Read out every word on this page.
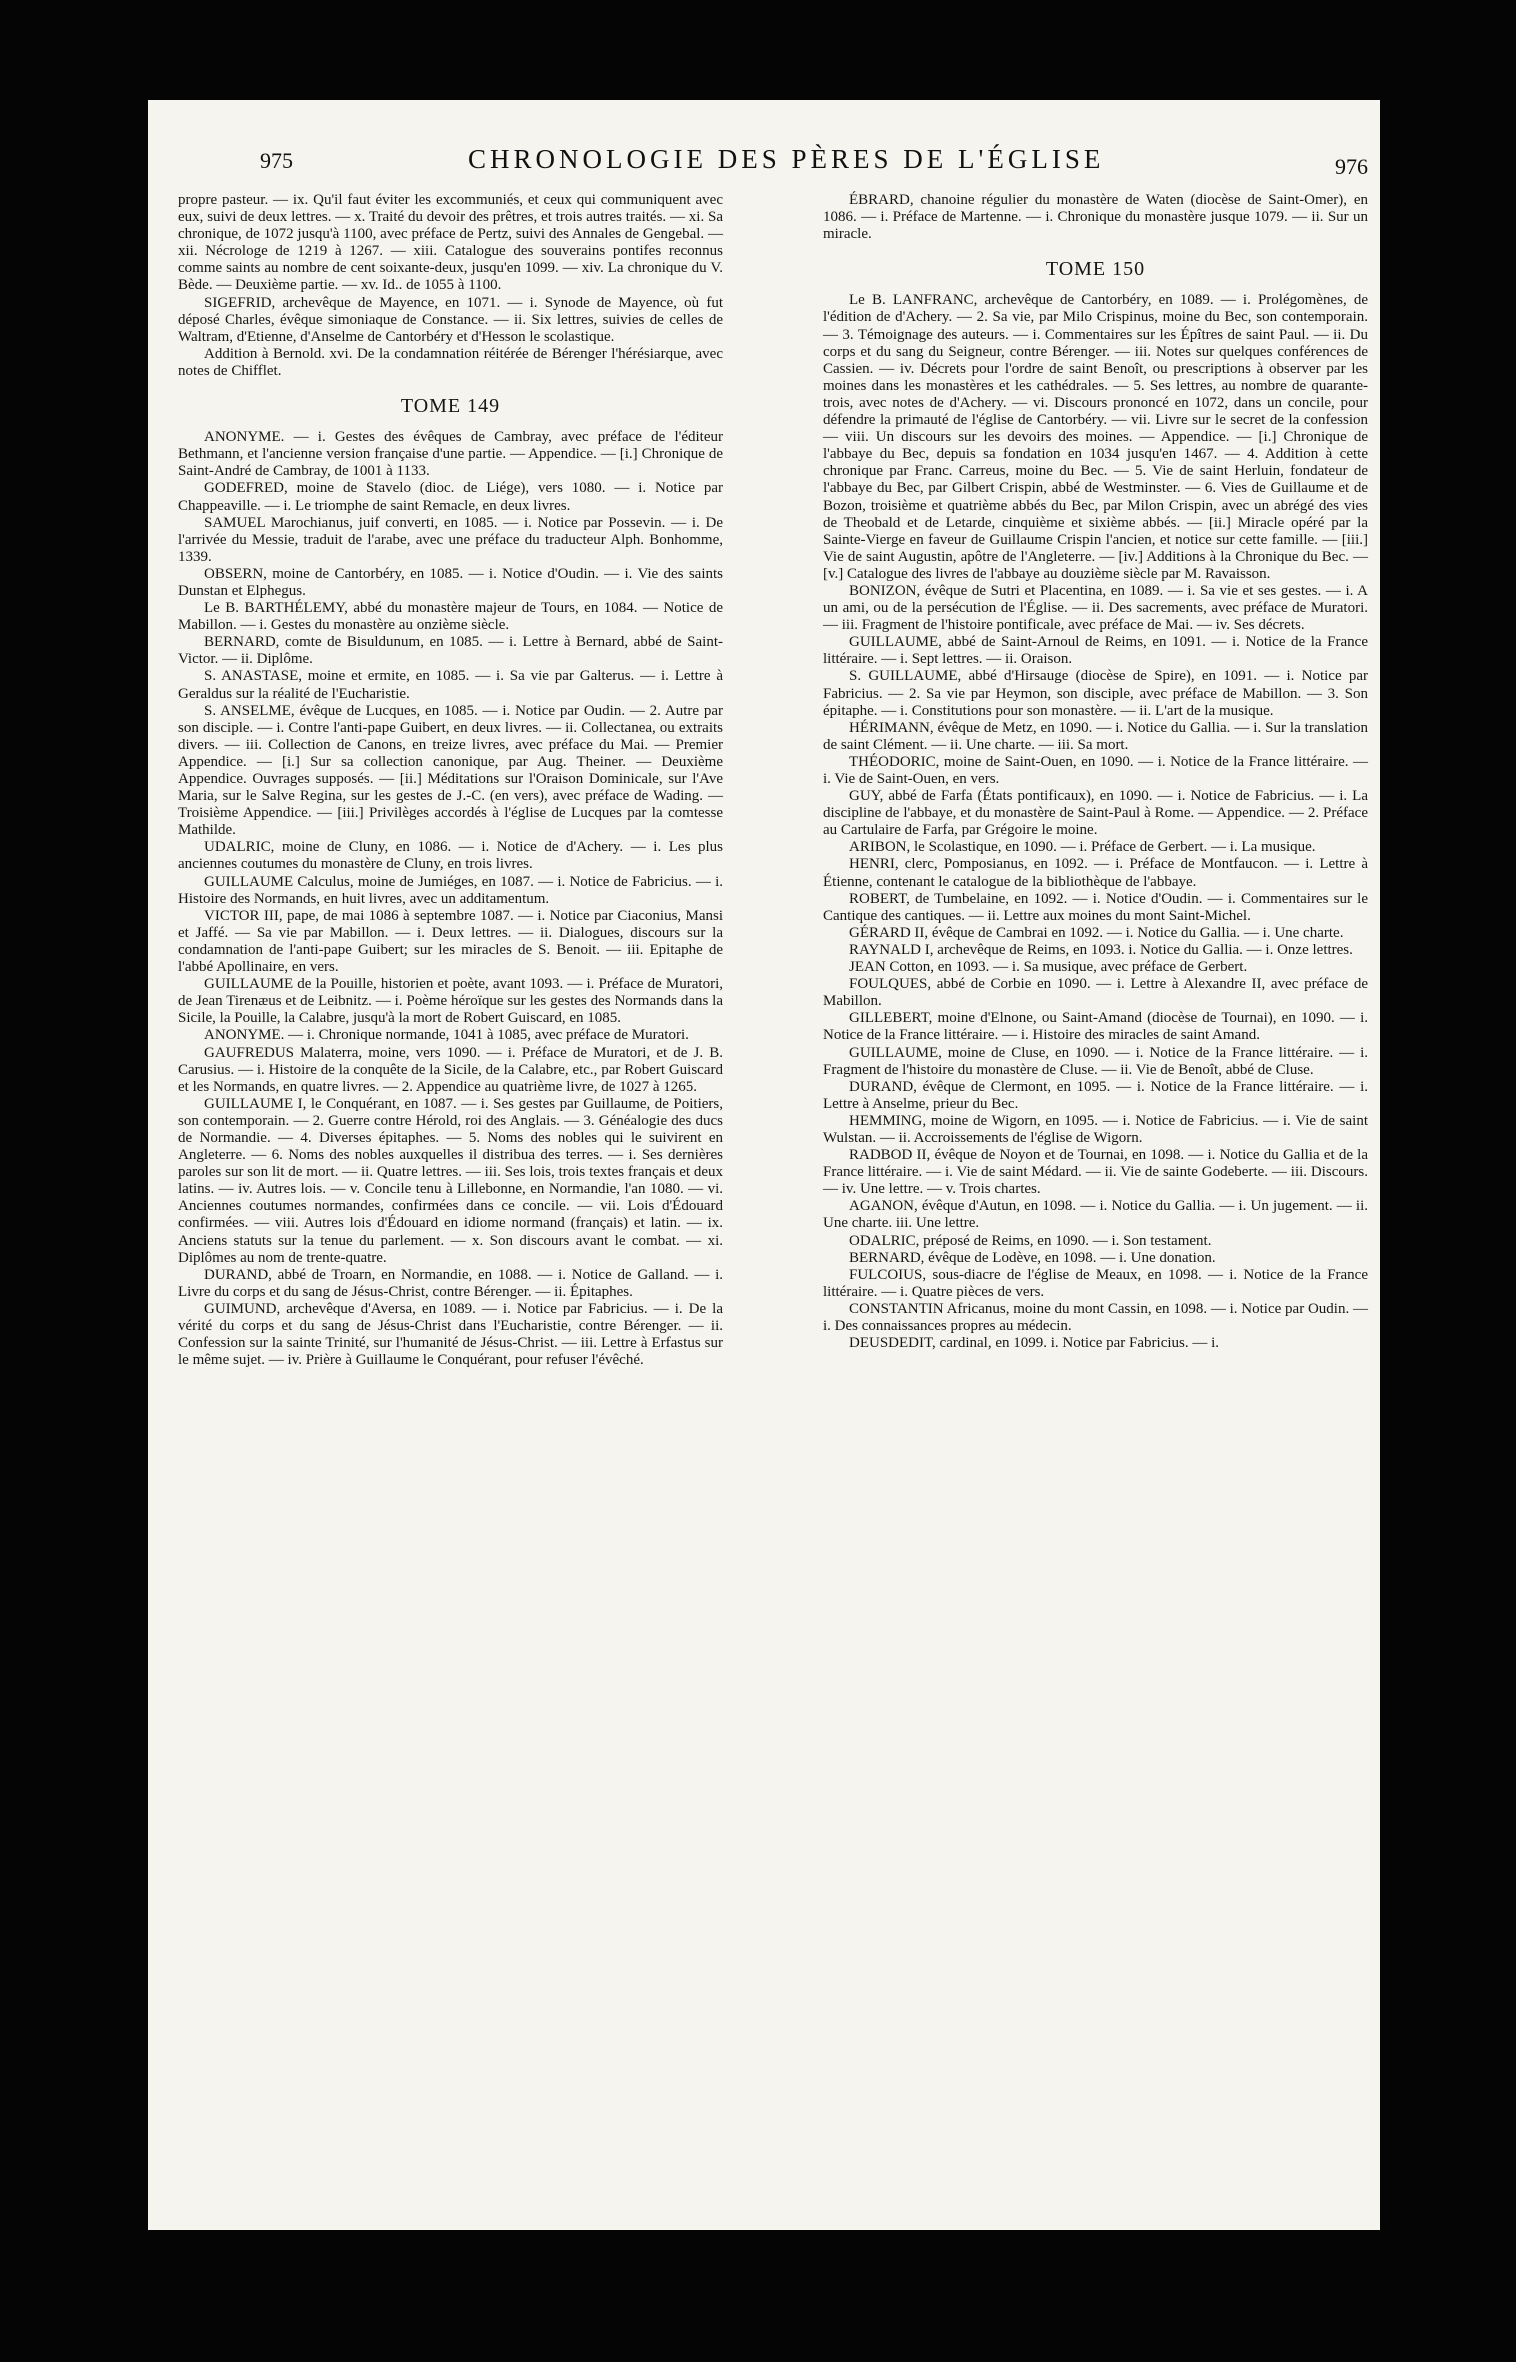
975	CHRONOLOGIE DES PÈRES DE L'ÉGLISE	976

propre pasteur. — ix. Qu'il faut éviter les excommuniés, et ceux qui communiquent avec eux, suivi de deux lettres. — x. Traité du devoir des prêtres, et trois autres traités. — xi. Sa chronique, de 1072 jusqu'à 1100, avec préface de Pertz, suivi des Annales de Gengebal. — xii. Nécrologe de 1219 à 1267. — xiii. Catalogue des souverains pontifes reconnus comme saints au nombre de cent soixante-deux, jusqu'en 1099. — xiv. La chronique du V. Bède. — Deuxième partie. — xv. Id.. de 1055 à 1100.

SIGEFRID, archevêque de Mayence, en 1071. — i. Synode de Mayence, où fut déposé Charles, évêque simoniaque de Constance. — ii. Six lettres, suivies de celles de Waltram, d'Etienne, d'Anselme de Cantorbéry et d'Hesson le scolastique.

Addition à Bernold. xvi. De la condamnation réitérée de Bérenger l'hérésiarque, avec notes de Chifflet.

TOME 149

ANONYME. — i. Gestes des évêques de Cambray, avec préface de l'éditeur Bethmann, et l'ancienne version française d'une partie. — Appendice. — [i.] Chronique de Saint-André de Cambray, de 1001 à 1133.

GODEFRED, moine de Stavelo (dioc. de Liége), vers 1080. — i. Notice par Chappeaville. — i. Le triomphe de saint Remacle, en deux livres.

SAMUEL Marochianus, juif converti, en 1085. — i. Notice par Possevin. — i. De l'arrivée du Messie, traduit de l'arabe, avec une préface du traducteur Alph. Bonhomme, 1339.

OBSERN, moine de Cantorbéry, en 1085. — i. Notice d'Oudin. — i. Vie des saints Dunstan et Elphegus.

Le B. BARTHÉLEMY, abbé du monastère majeur de Tours, en 1084. — Notice de Mabillon. — i. Gestes du monastère au onzième siècle.

BERNARD, comte de Bisuldunum, en 1085. — i. Lettre à Bernard, abbé de Saint-Victor. — ii. Diplôme.

S. ANASTASE, moine et ermite, en 1085. — i. Sa vie par Galterus. — i. Lettre à Geraldus sur la réalité de l'Eucharistie.

S. ANSELME, évêque de Lucques, en 1085. — i. Notice par Oudin. — 2. Autre par son disciple. — i. Contre l'anti-pape Guibert, en deux livres. — ii. Collectanea, ou extraits divers. — iii. Collection de Canons, en treize livres, avec préface du Mai. — Premier Appendice. — [i.] Sur sa collection canonique, par Aug. Theiner. — Deuxième Appendice. Ouvrages supposés. — [ii.] Méditations sur l'Oraison Dominicale, sur l'Ave Maria, sur le Salve Regina, sur les gestes de J.-C. (en vers), avec préface de Wading. — Troisième Appendice. — [iii.] Privilèges accordés à l'église de Lucques par la comtesse Mathilde.

UDALRIC, moine de Cluny, en 1086. — i. Notice de d'Achery. — i. Les plus anciennes coutumes du monastère de Cluny, en trois livres.

GUILLAUME Calculus, moine de Jumiéges, en 1087. — i. Notice de Fabricius. — i. Histoire des Normands, en huit livres, avec un additamentum.

VICTOR III, pape, de mai 1086 à septembre 1087. — i. Notice par Ciaconius, Mansi et Jaffé. — Sa vie par Mabillon. — i. Deux lettres. — ii. Dialogues, discours sur la condamnation de l'anti-pape Guibert; sur les miracles de S. Benoit. — iii. Epitaphe de l'abbé Apollinaire, en vers.

GUILLAUME de la Pouille, historien et poète, avant 1093. — i. Préface de Muratori, de Jean Tirenæus et de Leibnitz. — i. Poème héroïque sur les gestes des Normands dans la Sicile, la Pouille, la Calabre, jusqu'à la mort de Robert Guiscard, en 1085.

ANONYME. — i. Chronique normande, 1041 à 1085, avec préface de Muratori.

GAUFREDUS Malaterra, moine, vers 1090. — i. Préface de Muratori, et de J. B. Carusius. — i. Histoire de la conquête de la Sicile, de la Calabre, etc., par Robert Guiscard et les Normands, en quatre livres. — 2. Appendice au quatrième livre, de 1027 à 1265.

GUILLAUME I, le Conquérant, en 1087. — i. Ses gestes par Guillaume, de Poitiers, son contemporain. — 2. Guerre contre Hérold, roi des Anglais. — 3. Généalogie des ducs de Normandie. — 4. Diverses épitaphes. — 5. Noms des nobles qui le suivirent en Angleterre. — 6. Noms des nobles auxquelles il distribua des terres. — i. Ses dernières paroles sur son lit de mort. — ii. Quatre lettres. — iii. Ses lois, trois textes français et deux latins. — iv. Autres lois. — v. Concile tenu à Lillebonne, en Normandie, l'an 1080. — vi. Anciennes coutumes normandes, confirmées dans ce concile. — vii. Lois d'Édouard confirmées. — viii. Autres lois d'Édouard en idiome normand (français) et latin. — ix. Anciens statuts sur la tenue du parlement. — x. Son discours avant le combat. — xi. Diplômes au nom de trente-quatre.

DURAND, abbé de Troarn, en Normandie, en 1088. — i. Notice de Galland. — i. Livre du corps et du sang de Jésus-Christ, contre Bérenger. — ii. Épitaphes.

GUIMUND, archevêque d'Aversa, en 1089. — i. Notice par Fabricius. — i. De la vérité du corps et du sang de Jésus-Christ dans l'Eucharistie, contre Bérenger. — ii. Confession sur la sainte Trinité, sur l'humanité de Jésus-Christ. — iii. Lettre à Erfastus sur le même sujet. — iv. Prière à Guillaume le Conquérant, pour refuser l'évêché.

ÉBRARD, chanoine régulier du monastère de Waten (diocèse de Saint-Omer), en 1086. — i. Préface de Martenne. — i. Chronique du monastère jusque 1079. — ii. Sur un miracle.

TOME 150

Le B. LANFRANC, archevêque de Cantorbéry, en 1089. — i. Prolégomènes, de l'édition de d'Achery. — 2. Sa vie, par Milo Crispinus, moine du Bec, son contemporain. — 3. Témoignage des auteurs. — i. Commentaires sur les Épîtres de saint Paul. — ii. Du corps et du sang du Seigneur, contre Bérenger. — iii. Notes sur quelques conférences de Cassien. — iv. Décrets pour l'ordre de saint Benoît, ou prescriptions à observer par les moines dans les monastères et les cathédrales. — 5. Ses lettres, au nombre de quarante-trois, avec notes de d'Achery. — vi. Discours prononcé en 1072, dans un concile, pour défendre la primauté de l'église de Cantorbéry. — vii. Livre sur le secret de la confession — viii. Un discours sur les devoirs des moines. — Appendice. — [i.] Chronique de l'abbaye du Bec, depuis sa fondation en 1034 jusqu'en 1467. — 4. Addition à cette chronique par Franc. Carreus, moine du Bec. — 5. Vie de saint Herluin, fondateur de l'abbaye du Bec, par Gilbert Crispin, abbé de Westminster. — 6. Vies de Guillaume et de Bozon, troisième et quatrième abbés du Bec, par Milon Crispin, avec un abrégé des vies de Theobald et de Letarde, cinquième et sixième abbés. — [ii.] Miracle opéré par la Sainte-Vierge en faveur de Guillaume Crispin l'ancien, et notice sur cette famille. — [iii.] Vie de saint Augustin, apôtre de l'Angleterre. — [iv.] Additions à la Chronique du Bec. — [v.] Catalogue des livres de l'abbaye au douzième siècle par M. Ravaisson.

BONIZON, évêque de Sutri et Placentina, en 1089. — i. Sa vie et ses gestes. — i. A un ami, ou de la persécution de l'Église. — ii. Des sacrements, avec préface de Muratori. — iii. Fragment de l'histoire pontificale, avec préface de Mai. — iv. Ses décrets.

GUILLAUME, abbé de Saint-Arnoul de Reims, en 1091. — i. Notice de la France littéraire. — i. Sept lettres. — ii. Oraison.

S. GUILLAUME, abbé d'Hirsauge (diocèse de Spire), en 1091. — i. Notice par Fabricius. — 2. Sa vie par Heymon, son disciple, avec préface de Mabillon. — 3. Son épitaphe. — i. Constitutions pour son monastère. — ii. L'art de la musique.

HÉRIMANN, évêque de Metz, en 1090. — i. Notice du Gallia. — i. Sur la translation de saint Clément. — ii. Une charte. — iii. Sa mort.

THÉODORIC, moine de Saint-Ouen, en 1090. — i. Notice de la France littéraire. — i. Vie de Saint-Ouen, en vers.

GUY, abbé de Farfa (États pontificaux), en 1090. — i. Notice de Fabricius. — i. La discipline de l'abbaye, et du monastère de Saint-Paul à Rome. — Appendice. — 2. Préface au Cartulaire de Farfa, par Grégoire le moine.

ARIBON, le Scolastique, en 1090. — i. Préface de Gerbert. — i. La musique.

HENRI, clerc, Pomposianus, en 1092. — i. Préface de Montfaucon. — i. Lettre à Étienne, contenant le catalogue de la bibliothèque de l'abbaye.

ROBERT, de Tumbelaine, en 1092. — i. Notice d'Oudin. — i. Commentaires sur le Cantique des cantiques. — ii. Lettre aux moines du mont Saint-Michel.

GÉRARD II, évêque de Cambrai en 1092. — i. Notice du Gallia. — i. Une charte.

RAYNALD I, archevêque de Reims, en 1093. i. Notice du Gallia. — i. Onze lettres.

JEAN Cotton, en 1093. — i. Sa musique, avec préface de Gerbert.

FOULQUES, abbé de Corbie en 1090. — i. Lettre à Alexandre II, avec préface de Mabillon.

GILLEBERT, moine d'Elnone, ou Saint-Amand (diocèse de Tournai), en 1090. — i. Notice de la France littéraire. — i. Histoire des miracles de saint Amand.

GUILLAUME, moine de Cluse, en 1090. — i. Notice de la France littéraire. — i. Fragment de l'histoire du monastère de Cluse. — ii. Vie de Benoît, abbé de Cluse.

DURAND, évêque de Clermont, en 1095. — i. Notice de la France littéraire. — i. Lettre à Anselme, prieur du Bec.

HEMMING, moine de Wigorn, en 1095. — i. Notice de Fabricius. — i. Vie de saint Wulstan. — ii. Accroissements de l'église de Wigorn.

RADBOD II, évêque de Noyon et de Tournai, en 1098. — i. Notice du Gallia et de la France littéraire. — i. Vie de saint Médard. — ii. Vie de sainte Godeberte. — iii. Discours. — iv. Une lettre. — v. Trois chartes.

AGANON, évêque d'Autun, en 1098. — i. Notice du Gallia. — i. Un jugement. — ii. Une charte. iii. Une lettre.

ODALRIC, préposé de Reims, en 1090. — i. Son testament.

BERNARD, évêque de Lodève, en 1098. — i. Une donation.

FULCOIUS, sous-diacre de l'église de Meaux, en 1098. — i. Notice de la France littéraire. — i. Quatre pièces de vers.

CONSTANTIN Africanus, moine du mont Cassin, en 1098. — i. Notice par Oudin. — i. Des connaissances propres au médecin.

DEUSDEDIT, cardinal, en 1099. i. Notice par Fabricius. — i.
